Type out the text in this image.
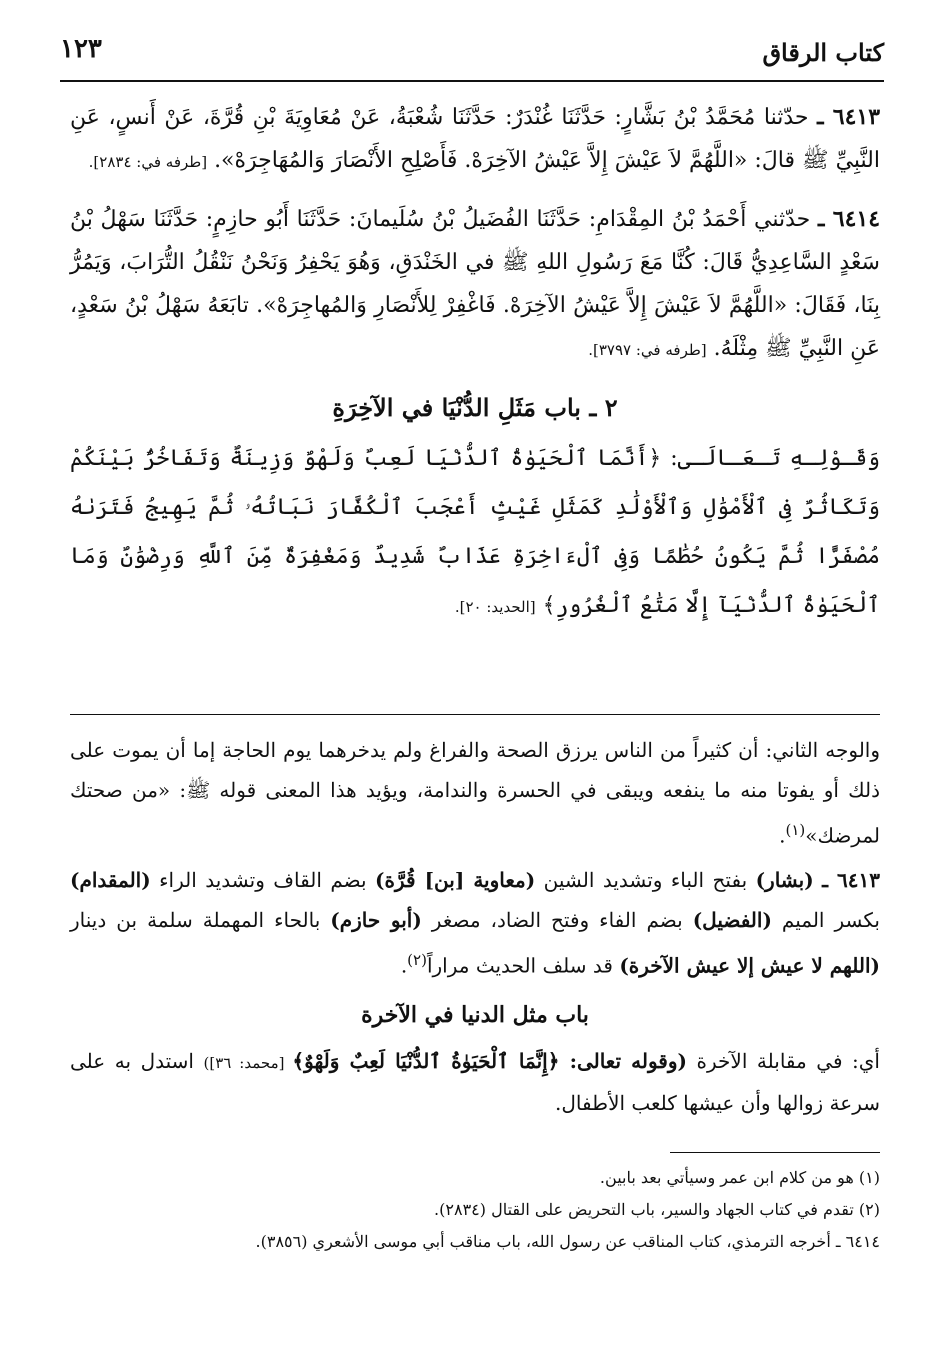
كتاب الرقاق
١٢٣

٦٤١٣ ـ حدّثنا مُحَمَّدُ بْنُ بَشَّارٍ: حَدَّثَنَا غُنْدَرٌ: حَدَّثَنَا شُعْبَةُ، عَنْ مُعَاوِيَةَ بْنِ قُرَّةَ، عَنْ أَنسٍ، عَنِ النَّبِيِّ ﷺ قالَ: «اللَّهُمَّ لاَ عَيْشَ إِلاَّ عَيْشُ الآخِرَهْ. فَأَصْلِحِ الأَنْصَارَ وَالمُهَاجِرَهْ». [طرفه في: ٢٨٣٤].

٦٤١٤ ـ حدّثني أَحْمَدُ بْنُ المِقْدَامِ: حَدَّثَنَا الفُضَيلُ بْنُ سُلَيمانَ: حَدَّثَنَا أَبُو حازِمٍ: حَدَّثَنَا سَهْلُ بْنُ سَعْدٍ السَّاعِدِيُّ قَالَ: كُنَّا مَعَ رَسُولِ اللهِ ﷺ في الخَنْدَقِ، وَهُوَ يَحْفِرُ وَنَحْنُ نَنْقُلُ التُّرَابَ، وَيَمُرُّ بِنَا، فَقَالَ: «اللَّهُمَّ لاَ عَيْشَ إِلاَّ عَيْشُ الآخِرَهْ. فَاغْفِرْ لِلأَنْصَارِ وَالمُهاجِرَهْ». تابَعَهُ سَهْلُ بْنُ سَعْدٍ، عَنِ النَّبِيِّ ﷺ مِثْلَهُ. [طرفه في: ٣٧٩٧].

٢ ـ باب مَثَلِ الدُّنْيَا في الآخِرَةِ

وَقَـوْلِـهِ تَـعَـالَـى: ﴿أَنَّمَا ٱلْحَيَوٰةُ ٱلدُّنْيَا لَعِبٌ وَلَهْوٌ وَزِينَةٌ وَتَفَاخُرٌۢ بَيْنَكُمْ وَتَكَاثُرٌ فِى ٱلْأَمْوَٰلِ وَٱلْأَوْلَٰدِ كَمَثَلِ غَيْثٍ أَعْجَبَ ٱلْكُفَّارَ نَبَاتُهُۥ ثُمَّ يَهِيجُ فَتَرَىٰهُ مُصْفَرًّا ثُمَّ يَكُونُ حُطَٰمًا وَفِى ٱلْءَاخِرَةِ عَذَابٌ شَدِيدٌ وَمَغْفِرَةٌ مِّنَ ٱللَّهِ وَرِضْوَٰنٌ وَمَا ٱلْحَيَوٰةُ ٱلدُّنْيَآ إِلَّا مَتَٰعُ ٱلْغُرُورِ﴾ [الحديد: ٢٠].

والوجه الثاني: أن كثيراً من الناس يرزق الصحة والفراغ ولم يدخرهما يوم الحاجة إما أن يموت على ذلك أو يفوتا منه ما ينفعه ويبقى في الحسرة والندامة، ويؤيد هذا المعنى قوله ﷺ: «من صحتك لمرضك»$^{(١)}$.

٦٤١٣ ـ (بشار) بفتح الباء وتشديد الشين (معاوية [بن] قُرَّة) بضم القاف وتشديد الراء (المقدام) بكسر الميم (الفضيل) بضم الفاء وفتح الضاد، مصغر (أبو حازم) بالحاء المهملة سلمة بن دينار (اللهم لا عيش إلا عيش الآخرة) قد سلف الحديث مراراً$^{(٢)}$.

باب مثل الدنيا في الآخرة

أي: في مقابلة الآخرة (وقوله تعالى: ﴿إِنَّمَا ٱلْحَيَوٰةُ ٱلدُّنْيَا لَعِبٌ وَلَهْوٌ﴾ [محمد: ٣٦]) استدل به على سرعة زوالها وأن عيشها كلعب الأطفال.

(١) هو من كلام ابن عمر وسيأتي بعد بابين.
(٢) تقدم في كتاب الجهاد والسير، باب التحريض على القتال (٢٨٣٤).
٦٤١٤ ـ أخرجه الترمذي، كتاب المناقب عن رسول الله، باب مناقب أبي موسى الأشعري (٣٨٥٦).
